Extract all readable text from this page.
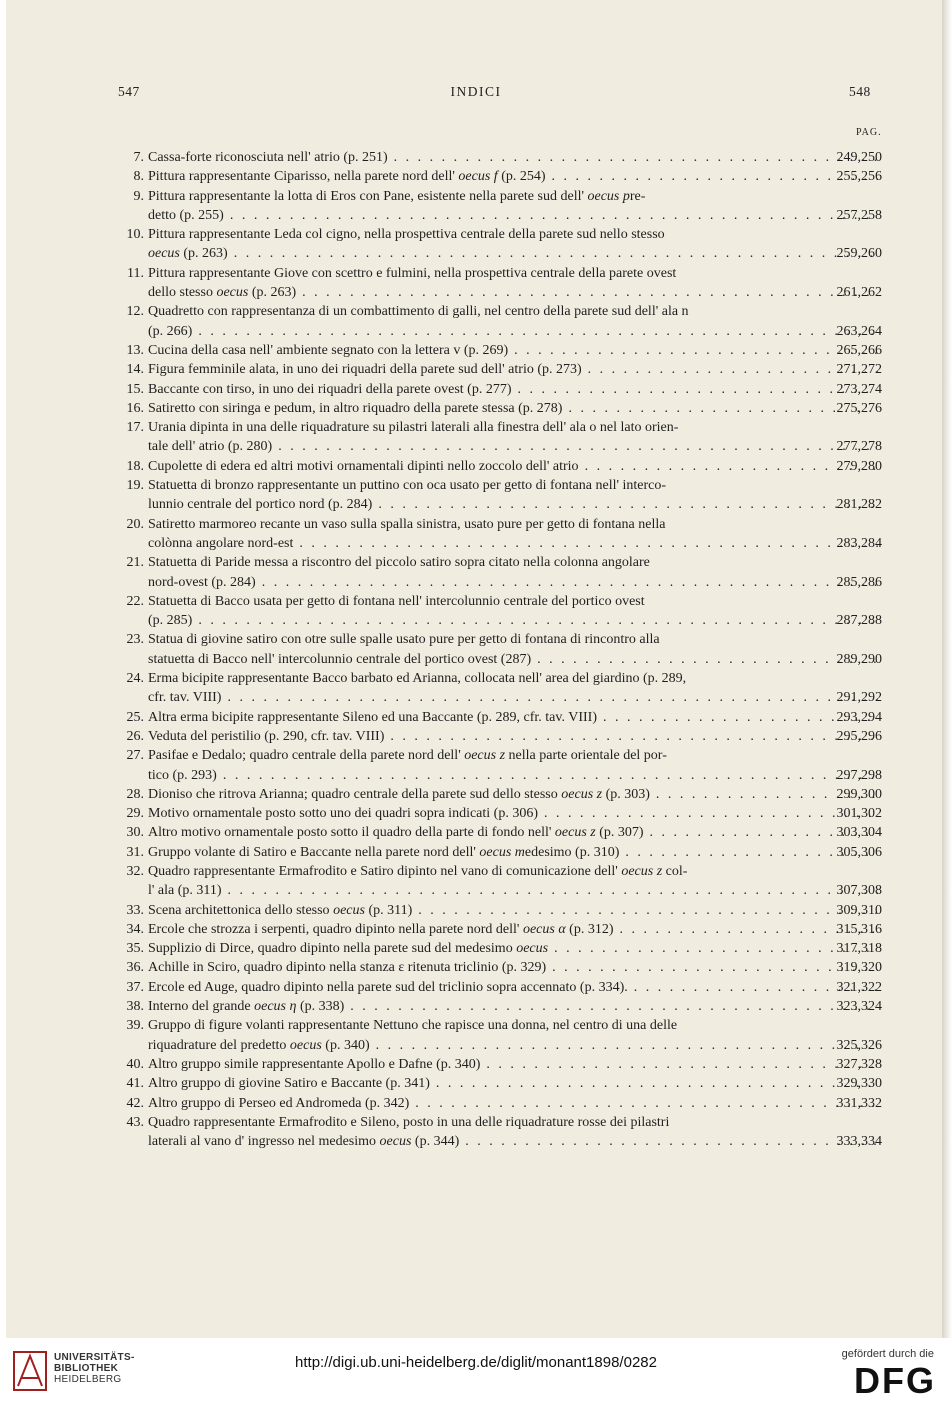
547	INDICI	548
PAG.
7. Cassa-forte riconosciuta nell' atrio (p. 251) . . .	249,250
8. Pittura rappresentante Ciparisso, nella parete nord dell' oecus f (p. 254) . . .	255,256
9. Pittura rappresentante la lotta di Eros con Pane, esistente nella parete sud dell' oecus pre-
detto (p. 255) . . .	257,258
10. Pittura rappresentante Leda col cigno, nella prospettiva centrale della parete sud nello stesso
oecus (p. 263) . . .	259,260
11. Pittura rappresentante Giove con scettro e fulmini, nella prospettiva centrale della parete ovest
dello stesso oecus (p. 263) . . .	261,262
12. Quadretto con rappresentanza di un combattimento di galli, nel centro della parete sud dell' ala n
(p. 266) . . .	263,264
13. Cucina della casa nell' ambiente segnato con la lettera v (p. 269) . . .	265,266
14. Figura femminile alata, in uno dei riquadri della parete sud dell' atrio (p. 273) . . .	271,272
15. Baccante con tirso, in uno dei riquadri della parete ovest (p. 277) . . .	273,274
16. Satiretto con siringa e pedum, in altro riquadro della parete stessa (p. 278) . . .	275,276
17. Urania dipinta in una delle riquadrature su pilastri laterali alla finestra dell' ala o nel lato orien-
tale dell' atrio (p. 280) . . .	277,278
18. Cupolette di edera ed altri motivi ornamentali dipinti nello zoccolo dell' atrio . . .	279,280
19. Statuetta di bronzo rappresentante un puttino con oca usato per getto di fontana nell' interco-
lunnio centrale del portico nord (p. 284) . . .	281,282
20. Satiretto marmoreo recante un vaso sulla spalla sinistra, usato pure per getto di fontana nella
colònna angolare nord-est . . .	283,284
21. Statuetta di Paride messa a riscontro del piccolo satiro sopra citato nella colonna angolare
nord-ovest (p. 284) . . .	285,286
22. Statuetta di Bacco usata per getto di fontana nell' intercolunnio centrale del portico ovest
(p. 285) . . .	287,288
23. Statua di giovine satiro con otre sulle spalle usato pure per getto di fontana di rincontro alla
statuetta di Bacco nell' intercolunnio centrale del portico ovest (287) . . .	289,290
24. Erma bicipite rappresentante Bacco barbato ed Arianna, collocata nell' area del giardino (p. 289,
cfr. tav. VIII) . . .	291,292
25. Altra erma bicipite rappresentante Sileno ed una Baccante (p. 289, cfr. tav. VIII) . . .	293,294
26. Veduta del peristilio (p. 290, cfr. tav. VIII) . . .	295,296
27. Pasifae e Dedalo; quadro centrale della parete nord dell' oecus z nella parte orientale del por-
tico (p. 293) . . .	297,298
28. Dioniso che ritrova Arianna; quadro centrale della parete sud dello stesso oecus z (p. 303) . . .	299,300
29. Motivo ornamentale posto sotto uno dei quadri sopra indicati (p. 306) . . .	301,302
30. Altro motivo ornamentale posto sotto il quadro della parte di fondo nell' oecus z (p. 307) . . .	303,304
31. Gruppo volante di Satiro e Baccante nella parete nord dell' oecus medesimo (p. 310) . . .	305,306
32. Quadro rappresentante Ermafrodito e Satiro dipinto nel vano di comunicazione dell' oecus z col-
l' ala (p. 311) . . .	307,308
33. Scena architettonica dello stesso oecus (p. 311) . . .	309,310
34. Ercole che strozza i serpenti, quadro dipinto nella parete nord dell' oecus α (p. 312) . . .	315,316
35. Supplizio di Dirce, quadro dipinto nella parete sud del medesimo oecus . . .	317,318
36. Achille in Sciro, quadro dipinto nella stanza ε ritenuta triclinio (p. 329) . . .	319,320
37. Ercole ed Auge, quadro dipinto nella parete sud del triclinio sopra accennato (p. 334). . . .	321,322
38. Interno del grande oecus η (p. 338) . . .	323,324
39. Gruppo di figure volanti rappresentante Nettuno che rapisce una donna, nel centro di una delle
riquadrature del predetto oecus (p. 340) . . .	325,326
40. Altro gruppo simile rappresentante Apollo e Dafne (p. 340) . . .	327,328
41. Altro gruppo di giovine Satiro e Baccante (p. 341) . . .	329,330
42. Altro gruppo di Perseo ed Andromeda (p. 342) . . .	331,332
43. Quadro rappresentante Ermafrodito e Sileno, posto in una delle riquadrature rosse dei pilastri
laterali al vano d' ingresso nel medesimo oecus (p. 344) . . .	333,334
UNIVERSITÄTS-
BIBLIOTHEK
HEIDELBERG
http://digi.ub.uni-heidelberg.de/diglit/monant1898/0282	gefördert durch die
DFG
